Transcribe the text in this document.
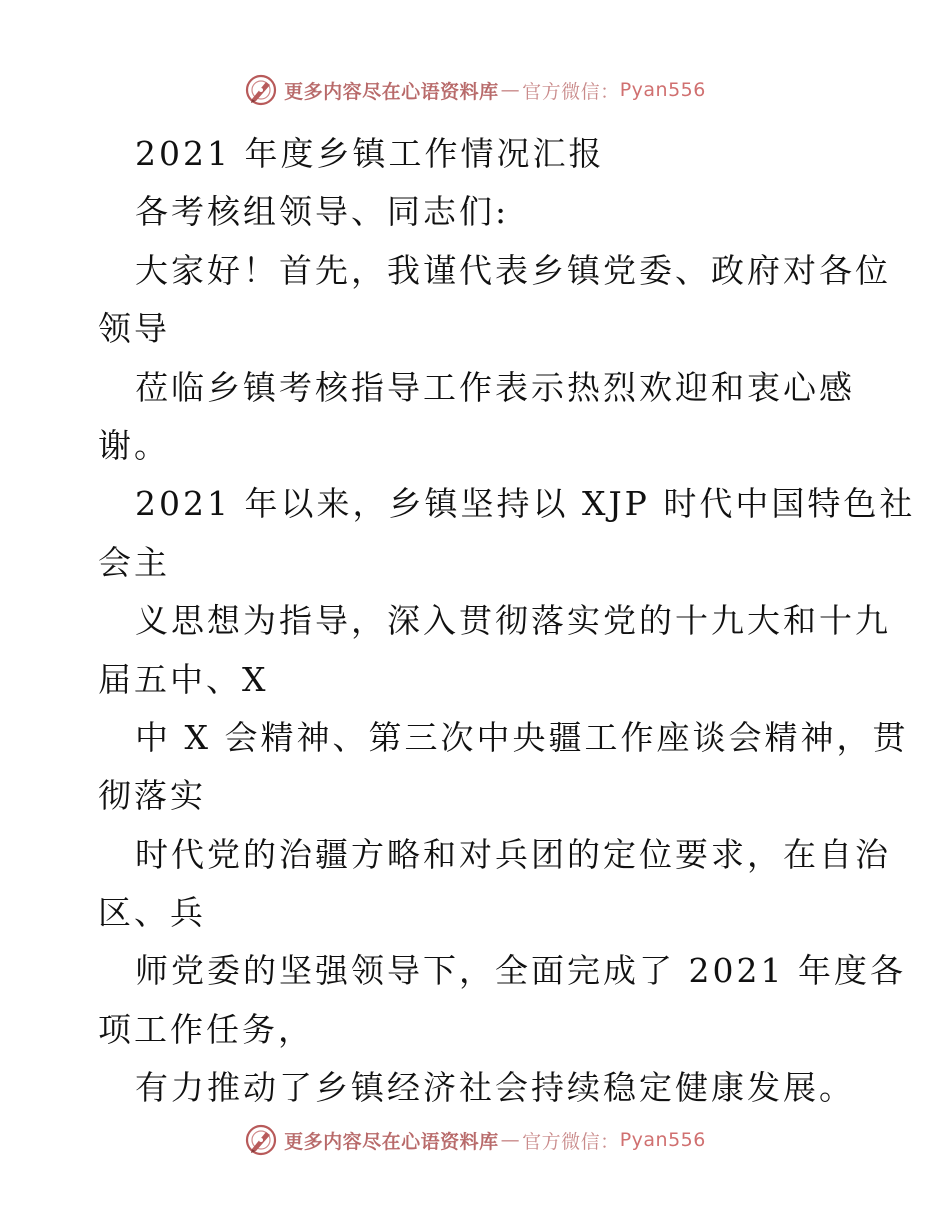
更多内容尽在心语资料库 — 官方微信： Pyan556
2021 年度乡镇工作情况汇报
各考核组领导、同志们:
大家好！首先，我谨代表乡镇党委、政府对各位
领导
莅临乡镇考核指导工作表示热烈欢迎和衷心感
谢。
2021 年以来，乡镇坚持以 XJP 时代中国特色社
会主
义思想为指导，深入贯彻落实党的十九大和十九
届五中、X
中 X 会精神、第三次中央疆工作座谈会精神，贯
彻落实
时代党的治疆方略和对兵团的定位要求，在自治
区、兵
师党委的坚强领导下，全面完成了 2021 年度各
项工作任务，
有力推动了乡镇经济社会持续稳定健康发展。
更多内容尽在心语资料库 — 官方微信： Pyan556
